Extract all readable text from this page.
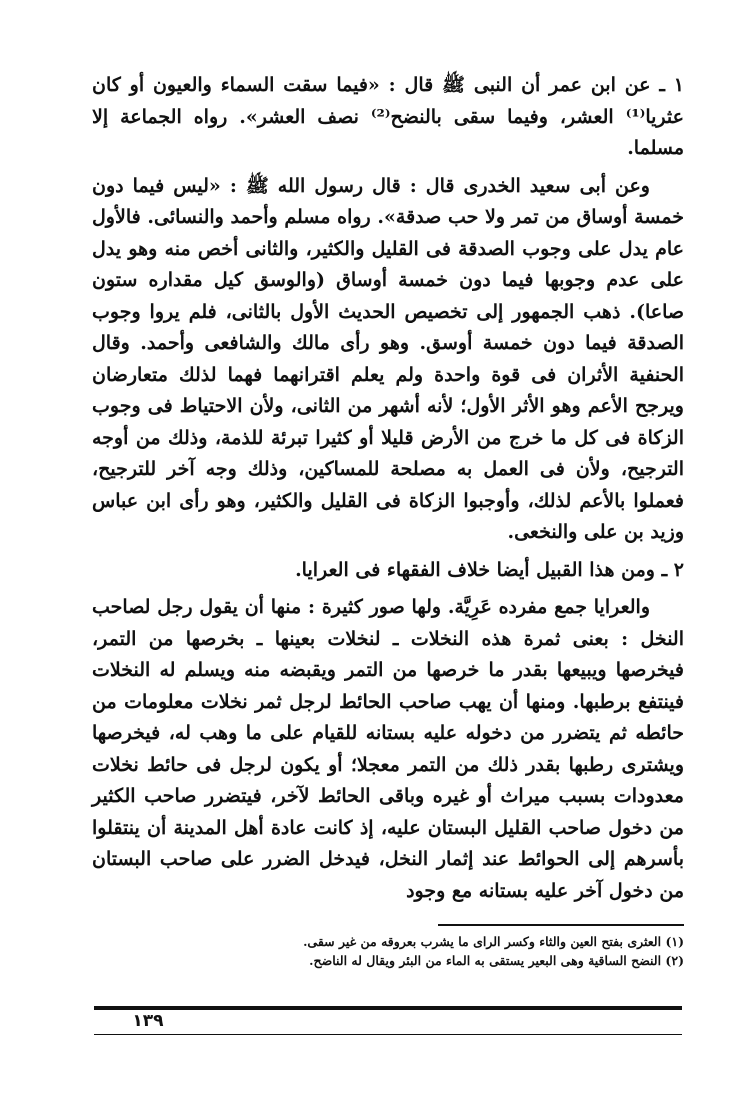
١ ـ عن ابن عمر أن النبى ﷺ قال : «فيما سقت السماء والعيون أو كان عثريا⁽¹⁾ العشر، وفيما سقى بالنضح⁽²⁾ نصف العشر». رواه الجماعة إلا مسلما.

وعن أبى سعيد الخدرى قال : قال رسول الله ﷺ : «ليس فيما دون خمسة أوساق من تمر ولا حب صدقة». رواه مسلم وأحمد والنسائى. فالأول عام يدل على وجوب الصدقة فى القليل والكثير، والثانى أخص منه وهو يدل على عدم وجوبها فيما دون خمسة أوساق (والوسق كيل مقداره ستون صاعا). ذهب الجمهور إلى تخصيص الحديث الأول بالثانى، فلم يروا وجوب الصدقة فيما دون خمسة أوسق. وهو رأى مالك والشافعى وأحمد. وقال الحنفية الأثران فى قوة واحدة ولم يعلم اقترانهما فهما لذلك متعارضان ويرجح الأعم وهو الأثر الأول؛ لأنه أشهر من الثانى، ولأن الاحتياط فى وجوب الزكاة فى كل ما خرج من الأرض قليلا أو كثيرا تبرئة للذمة، وذلك من أوجه الترجيح، ولأن فى العمل به مصلحة للمساكين، وذلك وجه آخر للترجيح، فعملوا بالأعم لذلك، وأوجبوا الزكاة فى القليل والكثير، وهو رأى ابن عباس وزيد بن على والنخعى.

٢ ـ ومن هذا القبيل أيضا خلاف الفقهاء فى العرايا.

والعرايا جمع مفرده عَرِيَّة. ولها صور كثيرة : منها أن يقول رجل لصاحب النخل : بعنى ثمرة هذه النخلات ـ لنخلات بعينها ـ بخرصها من التمر، فيخرصها ويبيعها بقدر ما خرصها من التمر ويقبضه منه ويسلم له النخلات فينتفع برطبها. ومنها أن يهب صاحب الحائط لرجل ثمر نخلات معلومات من حائطه ثم يتضرر من دخوله عليه بستانه للقيام على ما وهب له، فيخرصها ويشترى رطبها بقدر ذلك من التمر معجلا؛ أو يكون لرجل فى حائط نخلات معدودات بسبب ميراث أو غيره وباقى الحائط لآخر، فيتضرر صاحب الكثير من دخول صاحب القليل البستان عليه، إذ كانت عادة أهل المدينة أن ينتقلوا بأسرهم إلى الحوائط عند إثمار النخل، فيدخل الضرر على صاحب البستان من دخول آخر عليه بستانه مع وجود

(١) العثرى بفتح العين والثاء وكسر الراى ما يشرب بعروقه من غير سقى.

(٢) النضح الساقية وهى البعير يستقى به الماء من البئر ويقال له الناضح.

١٣٩
